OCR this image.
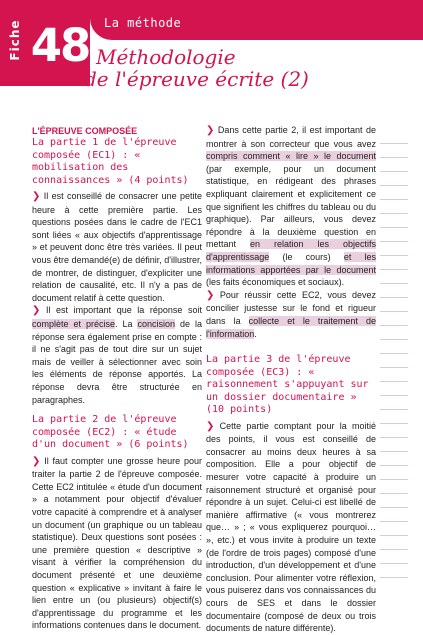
Fiche 48 La méthode
Méthodologie
de l'épreuve écrite (2)
L'ÉPREUVE COMPOSÉE
La partie 1 de l'épreuve composée (EC1) : « mobilisation des connaissances » (4 points)

❯ Il est conseillé de consacrer une petite heure à cette première partie. Les questions posées dans le cadre de l'EC1 sont liées « aux objectifs d'apprentissage » et peuvent donc être très variées. Il peut vous être demandé(e) de définir, d'illustrer, de montrer, de distinguer, d'expliciter une relation de causalité, etc. Il n'y a pas de document relatif à cette question.

❯ Il est important que la réponse soit complète et précise. La concision de la réponse sera également prise en compte : il ne s'agit pas de tout dire sur un sujet mais de veiller à sélectionner avec soin les éléments de réponse apportés. La réponse devra être structurée en paragraphes.

La partie 2 de l'épreuve composée (EC2) : « étude d'un document » (6 points)

❯ Il faut compter une grosse heure pour traiter la partie 2 de l'épreuve composée. Cette EC2 intitulée « étude d'un document » a notamment pour objectif d'évaluer votre capacité à comprendre et à analyser un document (un graphique ou un tableau statistique). Deux questions sont posées : une première question « descriptive » visant à vérifier la compréhension du document présenté et une deuxième question « explicative » invitant à faire le lien entre un (ou plusieurs) objectif(s) d'apprentissage du programme et les informations contenues dans le document.

❯ Dans cette partie 2, il est important de montrer à son correcteur que vous avez compris comment « lire » le document (par exemple, pour un document statistique, en rédigeant des phrases expliquant clairement et explicitement ce que signifient les chiffres du tableau ou du graphique). Par ailleurs, vous devez répondre à la deuxième question en mettant en relation les objectifs d'apprentissage (le cours) et les informations apportées par le document (les faits économiques et sociaux).

❯ Pour réussir cette EC2, vous devez concilier justesse sur le fond et rigueur dans la collecte et le traitement de l'information.

La partie 3 de l'épreuve composée (EC3) : « raisonnement s'appuyant sur un dossier documentaire » (10 points)

❯ Cette partie comptant pour la moitié des points, il vous est conseillé de consacrer au moins deux heures à sa composition. Elle a pour objectif de mesurer votre capacité à produire un raisonnement structuré et organisé pour répondre à un sujet. Celui-ci est libellé de manière affirmative (« vous montrerez que… » ; « vous expliquerez pourquoi… », etc.) et vous invite à produire un texte (de l'ordre de trois pages) composé d'une introduction, d'un développement et d'une conclusion. Pour alimenter votre réflexion, vous puiserez dans vos connaissances du cours de SES et dans le dossier documentaire (composé de deux ou trois documents de nature différente).
